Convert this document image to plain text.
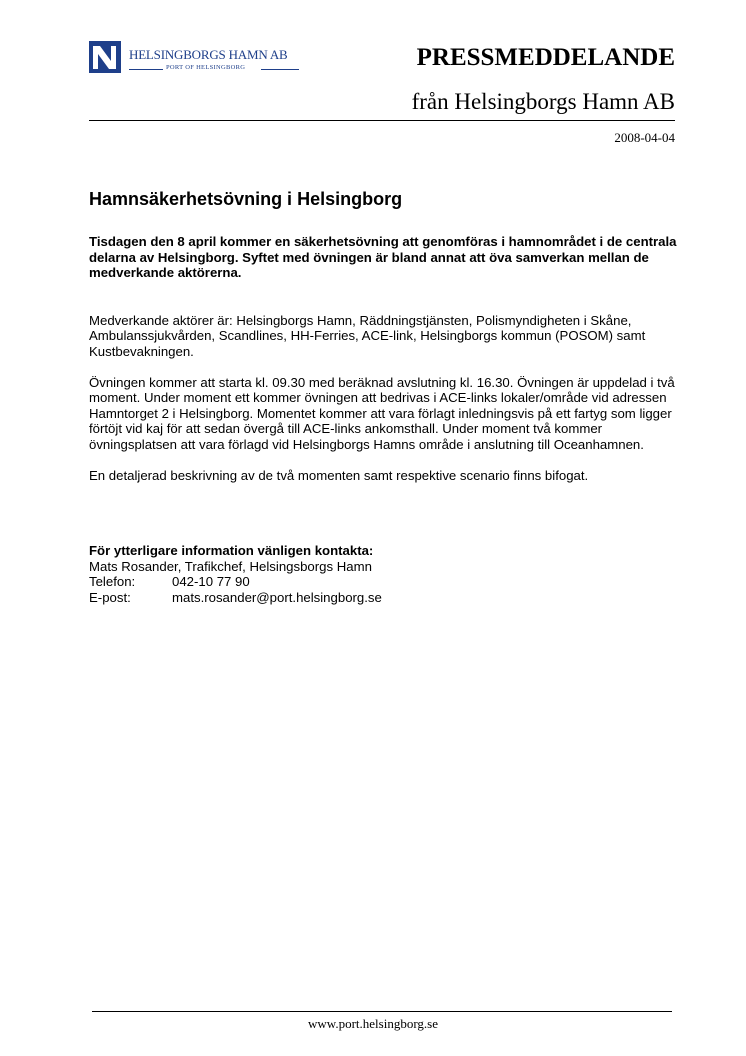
HELSINGBORGS HAMN AB
PORT OF HELSINGBORG	PRESSMEDDELANDE
från Helsingborgs Hamn AB
2008-04-04
Hamnsäkerhetsövning i Helsingborg

Tisdagen den 8 april kommer en säkerhetsövning att genomföras i hamnområdet i de centrala delarna av Helsingborg. Syftet med övningen är bland annat att öva samverkan mellan de medverkande aktörerna.

Medverkande aktörer är: Helsingborgs Hamn, Räddningstjänsten, Polismyndigheten i Skåne, Ambulanssjukvården, Scandlines, HH-Ferries, ACE-link, Helsingborgs kommun (POSOM) samt Kustbevakningen.

Övningen kommer att starta kl. 09.30 med beräknad avslutning kl. 16.30. Övningen är uppdelad i två moment. Under moment ett kommer övningen att bedrivas i ACE-links lokaler/område vid adressen Hamntorget 2 i Helsingborg. Momentet kommer att vara förlagt inledningsvis på ett fartyg som ligger förtöjt vid kaj för att sedan övergå till ACE-links ankomsthall. Under moment två kommer övningsplatsen att vara förlagd vid Helsingborgs Hamns område i anslutning till Oceanhamnen.

En detaljerad beskrivning av de två momenten samt respektive scenario finns bifogat.

För ytterligare information vänligen kontakta:

Mats Rosander, Trafikchef, Helsingsborgs Hamn

Telefon:	042-10 77 90
E-post:	mats.rosander@port.helsingborg.se
www.port.helsingborg.se
